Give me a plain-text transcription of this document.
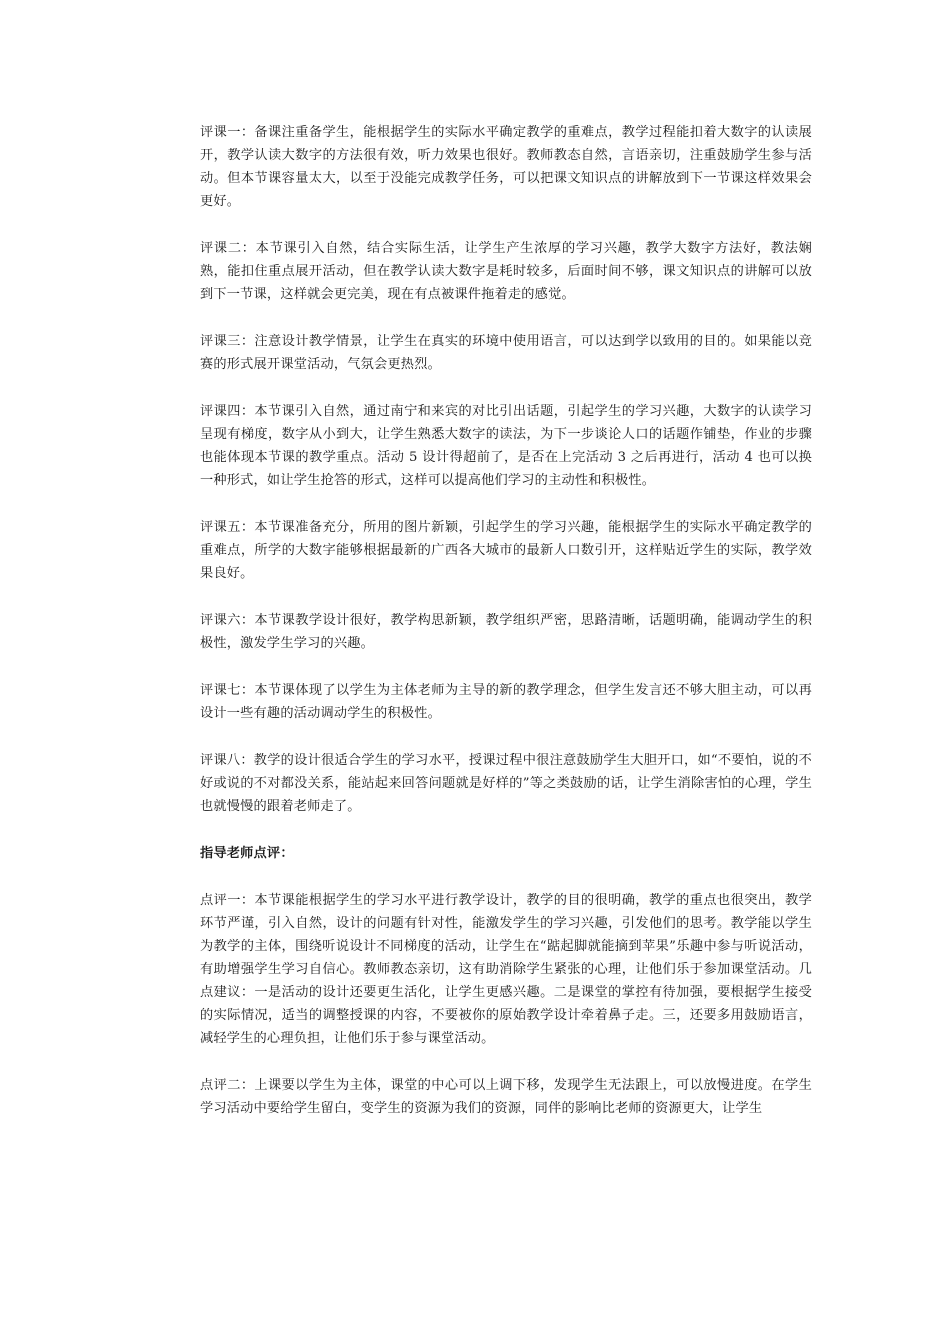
评课一：备课注重备学生，能根据学生的实际水平确定教学的重难点，教学过程能扣着大数字的认读展开，教学认读大数字的方法很有效，听力效果也很好。教师教态自然，言语亲切，注重鼓励学生参与活动。但本节课容量太大，以至于没能完成教学任务，可以把课文知识点的讲解放到下一节课这样效果会更好。

评课二：本节课引入自然，结合实际生活，让学生产生浓厚的学习兴趣，教学大数字方法好，教法娴熟，能扣住重点展开活动，但在教学认读大数字是耗时较多，后面时间不够，课文知识点的讲解可以放到下一节课，这样就会更完美，现在有点被课件拖着走的感觉。

评课三：注意设计教学情景，让学生在真实的环境中使用语言，可以达到学以致用的目的。如果能以竞赛的形式展开课堂活动，气氛会更热烈。

评课四：本节课引入自然，通过南宁和来宾的对比引出话题，引起学生的学习兴趣，大数字的认读学习呈现有梯度，数字从小到大，让学生熟悉大数字的读法，为下一步谈论人口的话题作铺垫，作业的步骤也能体现本节课的教学重点。活动 5 设计得超前了，是否在上完活动 3 之后再进行，活动 4 也可以换一种形式，如让学生抢答的形式，这样可以提高他们学习的主动性和积极性。

评课五：本节课准备充分，所用的图片新颖，引起学生的学习兴趣，能根据学生的实际水平确定教学的重难点，所学的大数字能够根据最新的广西各大城市的最新人口数引开，这样贴近学生的实际，教学效果良好。

评课六：本节课教学设计很好，教学构思新颖，教学组织严密，思路清晰，话题明确，能调动学生的积极性，激发学生学习的兴趣。

评课七：本节课体现了以学生为主体老师为主导的新的教学理念，但学生发言还不够大胆主动，可以再设计一些有趣的活动调动学生的积极性。

评课八：教学的设计很适合学生的学习水平，授课过程中很注意鼓励学生大胆开口，如“不要怕，说的不好或说的不对都没关系，能站起来回答问题就是好样的”等之类鼓励的话，让学生消除害怕的心理，学生也就慢慢的跟着老师走了。

指导老师点评：

点评一：本节课能根据学生的学习水平进行教学设计，教学的目的很明确，教学的重点也很突出，教学环节严谨，引入自然，设计的问题有针对性，能激发学生的学习兴趣，引发他们的思考。教学能以学生为教学的主体，围绕听说设计不同梯度的活动，让学生在“踮起脚就能摘到苹果”乐趣中参与听说活动，有助增强学生学习自信心。教师教态亲切，这有助消除学生紧张的心理，让他们乐于参加课堂活动。几点建议：一是活动的设计还要更生活化，让学生更感兴趣。二是课堂的掌控有待加强，要根据学生接受的实际情况，适当的调整授课的内容，不要被你的原始教学设计牵着鼻子走。三，还要多用鼓励语言，减轻学生的心理负担，让他们乐于参与课堂活动。

点评二：上课要以学生为主体，课堂的中心可以上调下移，发现学生无法跟上，可以放慢进度。在学生学习活动中要给学生留白，变学生的资源为我们的资源，同伴的影响比老师的资源更大，让学生
